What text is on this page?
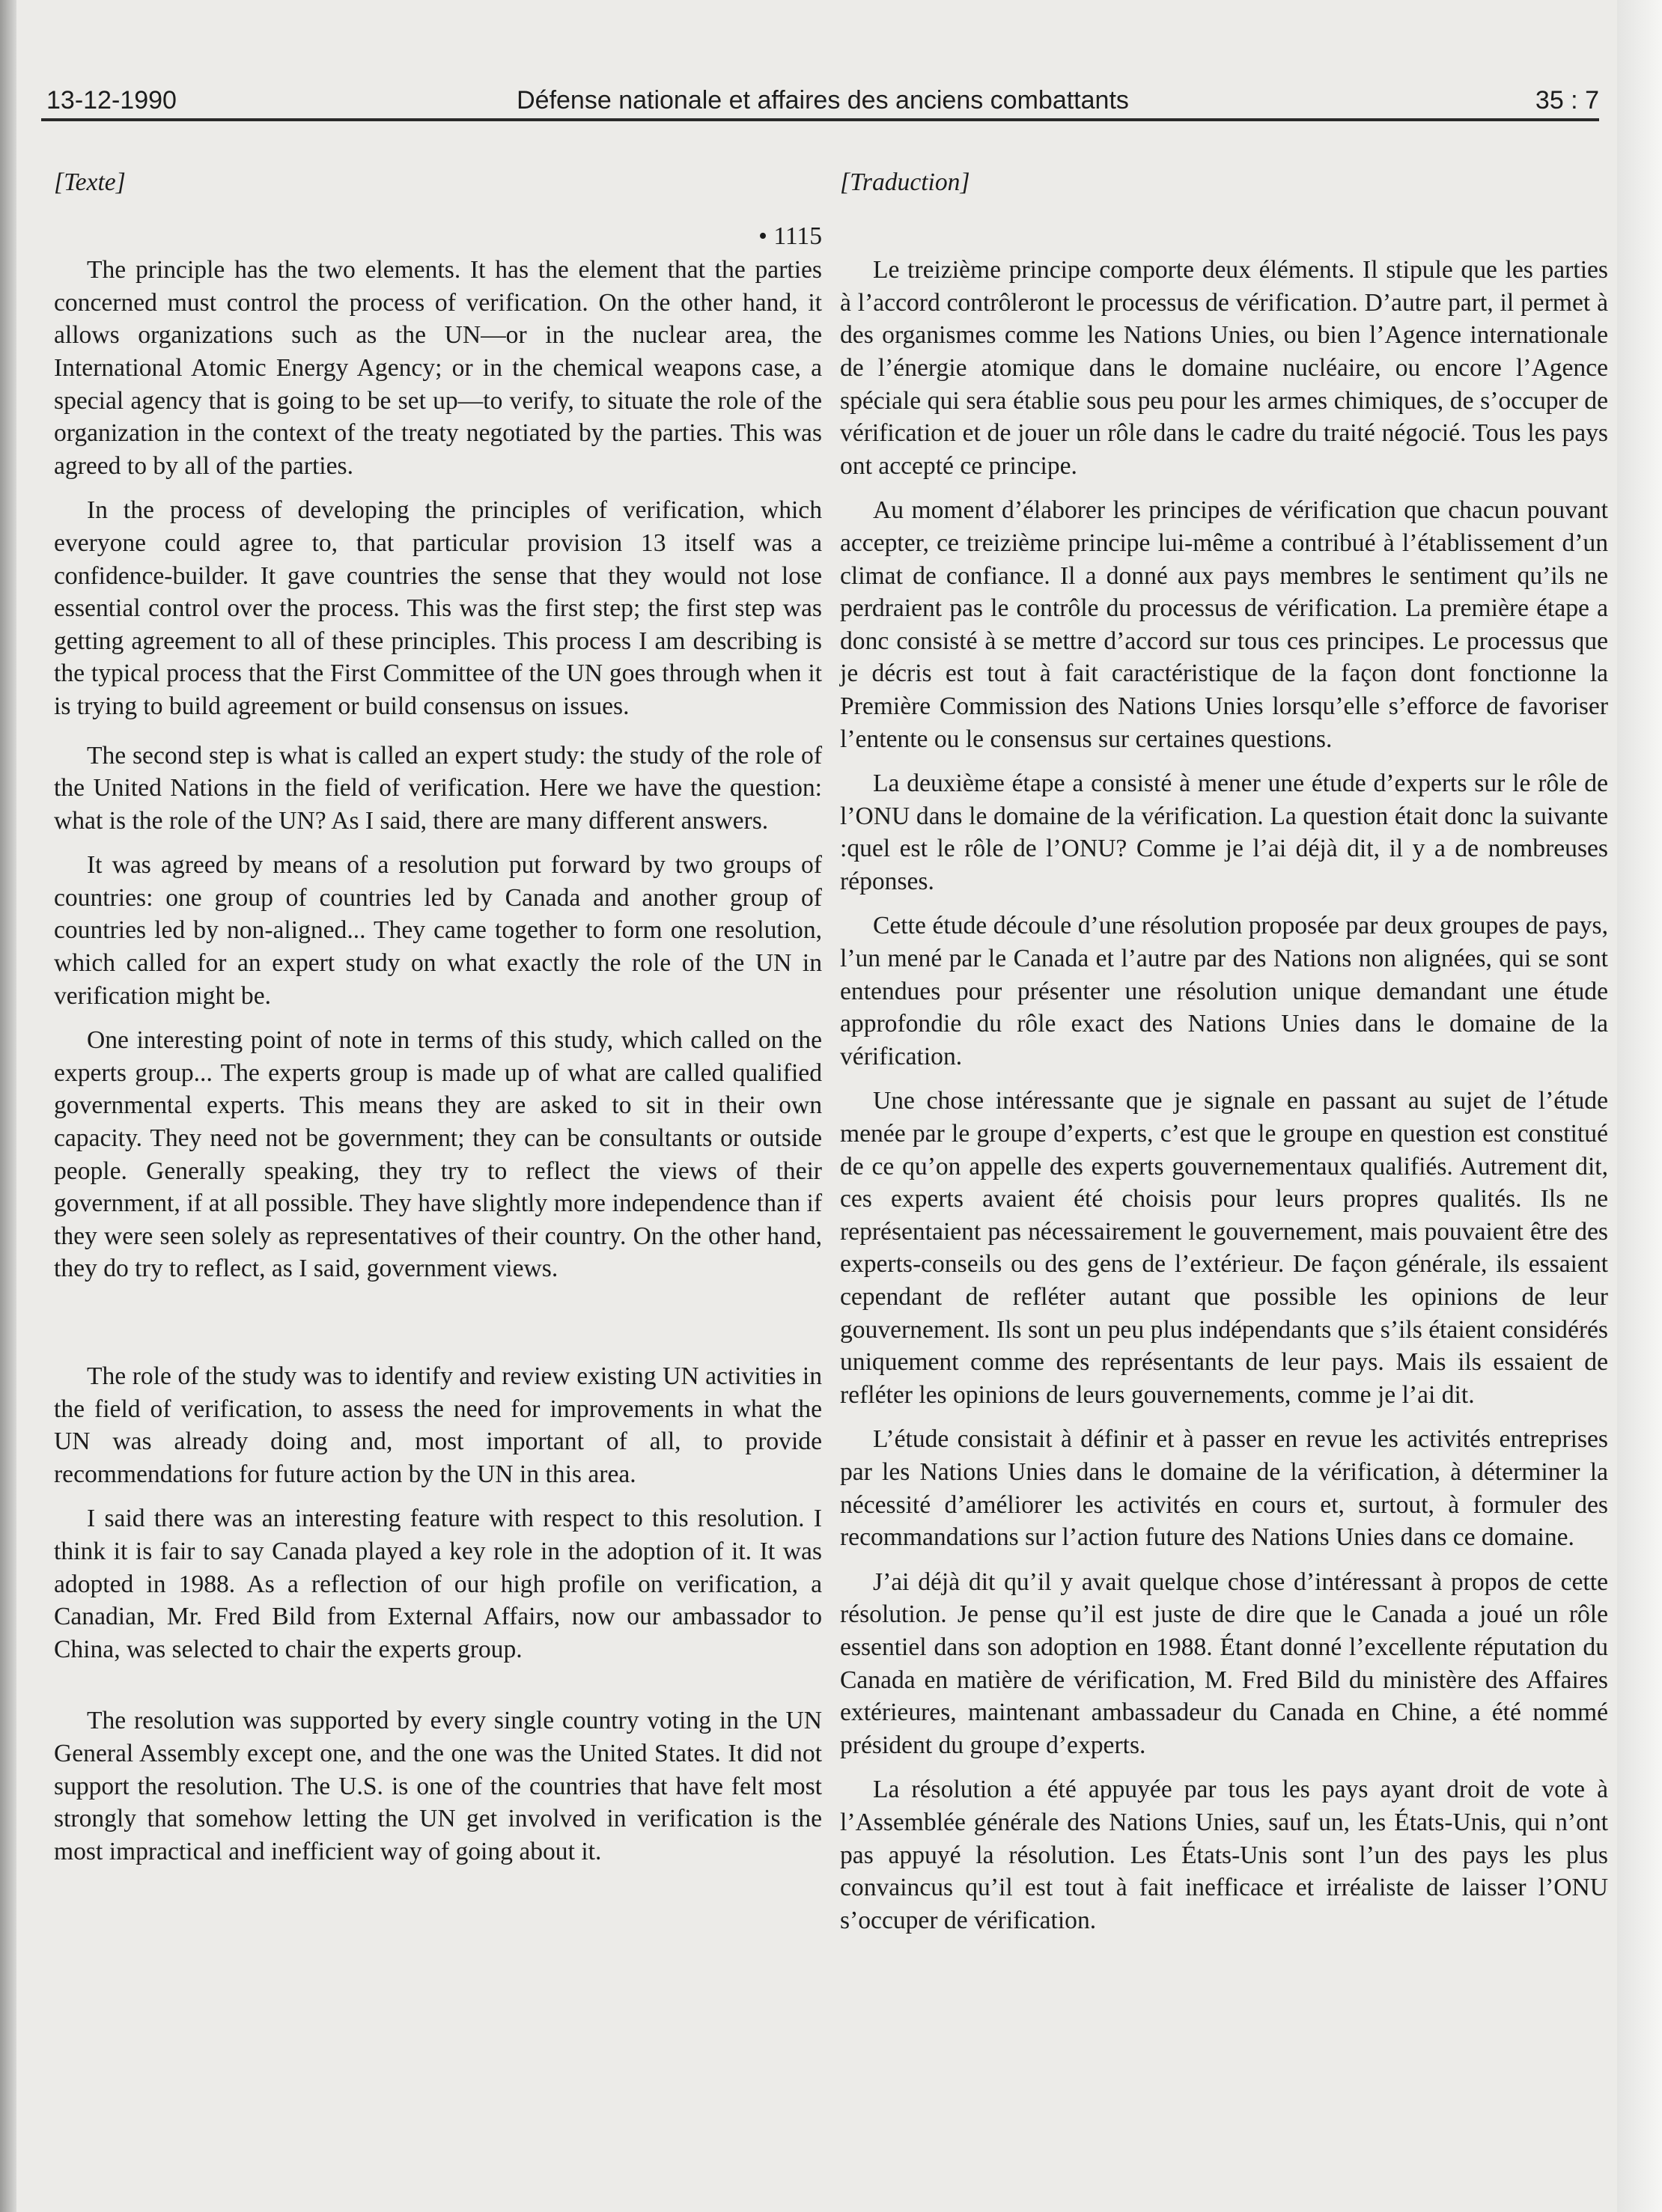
13-12-1990	Défense nationale et affaires des anciens combattants	35 : 7
[Texte]
• 1115

The principle has the two elements. It has the element that the parties concerned must control the process of verification. On the other hand, it allows organizations such as the UN—or in the nuclear area, the International Atomic Energy Agency; or in the chemical weapons case, a special agency that is going to be set up—to verify, to situate the role of the organization in the context of the treaty negotiated by the parties. This was agreed to by all of the parties.

In the process of developing the principles of verification, which everyone could agree to, that particular provision 13 itself was a confidence-builder. It gave countries the sense that they would not lose essential control over the process. This was the first step; the first step was getting agreement to all of these principles. This process I am describing is the typical process that the First Committee of the UN goes through when it is trying to build agreement or build consensus on issues.

The second step is what is called an expert study: the study of the role of the United Nations in the field of verification. Here we have the question: what is the role of the UN? As I said, there are many different answers.

It was agreed by means of a resolution put forward by two groups of countries: one group of countries led by Canada and another group of countries led by non-aligned... They came together to form one resolution, which called for an expert study on what exactly the role of the UN in verification might be.

One interesting point of note in terms of this study, which called on the experts group... The experts group is made up of what are called qualified governmental experts. This means they are asked to sit in their own capacity. They need not be government; they can be consultants or outside people. Generally speaking, they try to reflect the views of their government, if at all possible. They have slightly more independence than if they were seen solely as representatives of their country. On the other hand, they do try to reflect, as I said, government views.

The role of the study was to identify and review existing UN activities in the field of verification, to assess the need for improvements in what the UN was already doing and, most important of all, to provide recommendations for future action by the UN in this area.

I said there was an interesting feature with respect to this resolution. I think it is fair to say Canada played a key role in the adoption of it. It was adopted in 1988. As a reflection of our high profile on verification, a Canadian, Mr. Fred Bild from External Affairs, now our ambassador to China, was selected to chair the experts group.

The resolution was supported by every single country voting in the UN General Assembly except one, and the one was the United States. It did not support the resolution. The U.S. is one of the countries that have felt most strongly that somehow letting the UN get involved in verification is the most impractical and inefficient way of going about it.

[Traduction]

Le treizième principe comporte deux éléments. Il stipule que les parties à l’accord contrôleront le processus de vérification. D’autre part, il permet à des organismes comme les Nations Unies, ou bien l’Agence internationale de l’énergie atomique dans le domaine nucléaire, ou encore l’Agence spéciale qui sera établie sous peu pour les armes chimiques, de s’occuper de vérification et de jouer un rôle dans le cadre du traité négocié. Tous les pays ont accepté ce principe.

Au moment d’élaborer les principes de vérification que chacun pouvant accepter, ce treizième principe lui-même a contribué à l’établissement d’un climat de confiance. Il a donné aux pays membres le sentiment qu’ils ne perdraient pas le contrôle du processus de vérification. La première étape a donc consisté à se mettre d’accord sur tous ces principes. Le processus que je décris est tout à fait caractéristique de la façon dont fonctionne la Première Commission des Nations Unies lorsqu’elle s’efforce de favoriser l’entente ou le consensus sur certaines questions.

La deuxième étape a consisté à mener une étude d’experts sur le rôle de l’ONU dans le domaine de la vérification. La question était donc la suivante :quel est le rôle de l’ONU? Comme je l’ai déjà dit, il y a de nombreuses réponses.

Cette étude découle d’une résolution proposée par deux groupes de pays, l’un mené par le Canada et l’autre par des Nations non alignées, qui se sont entendues pour présenter une résolution unique demandant une étude approfondie du rôle exact des Nations Unies dans le domaine de la vérification.

Une chose intéressante que je signale en passant au sujet de l’étude menée par le groupe d’experts, c’est que le groupe en question est constitué de ce qu’on appelle des experts gouvernementaux qualifiés. Autrement dit, ces experts avaient été choisis pour leurs propres qualités. Ils ne représentaient pas nécessairement le gouvernement, mais pouvaient être des experts-conseils ou des gens de l’extérieur. De façon générale, ils essaient cependant de refléter autant que possible les opinions de leur gouvernement. Ils sont un peu plus indépendants que s’ils étaient considérés uniquement comme des représentants de leur pays. Mais ils essaient de refléter les opinions de leurs gouvernements, comme je l’ai dit.

L’étude consistait à définir et à passer en revue les activités entreprises par les Nations Unies dans le domaine de la vérification, à déterminer la nécessité d’améliorer les activités en cours et, surtout, à formuler des recommandations sur l’action future des Nations Unies dans ce domaine.

J’ai déjà dit qu’il y avait quelque chose d’intéressant à propos de cette résolution. Je pense qu’il est juste de dire que le Canada a joué un rôle essentiel dans son adoption en 1988. Étant donné l’excellente réputation du Canada en matière de vérification, M. Fred Bild du ministère des Affaires extérieures, maintenant ambassadeur du Canada en Chine, a été nommé président du groupe d’experts.

La résolution a été appuyée par tous les pays ayant droit de vote à l’Assemblée générale des Nations Unies, sauf un, les États-Unis, qui n’ont pas appuyé la résolution. Les États-Unis sont l’un des pays les plus convaincus qu’il est tout à fait inefficace et irréaliste de laisser l’ONU s’occuper de vérification.
